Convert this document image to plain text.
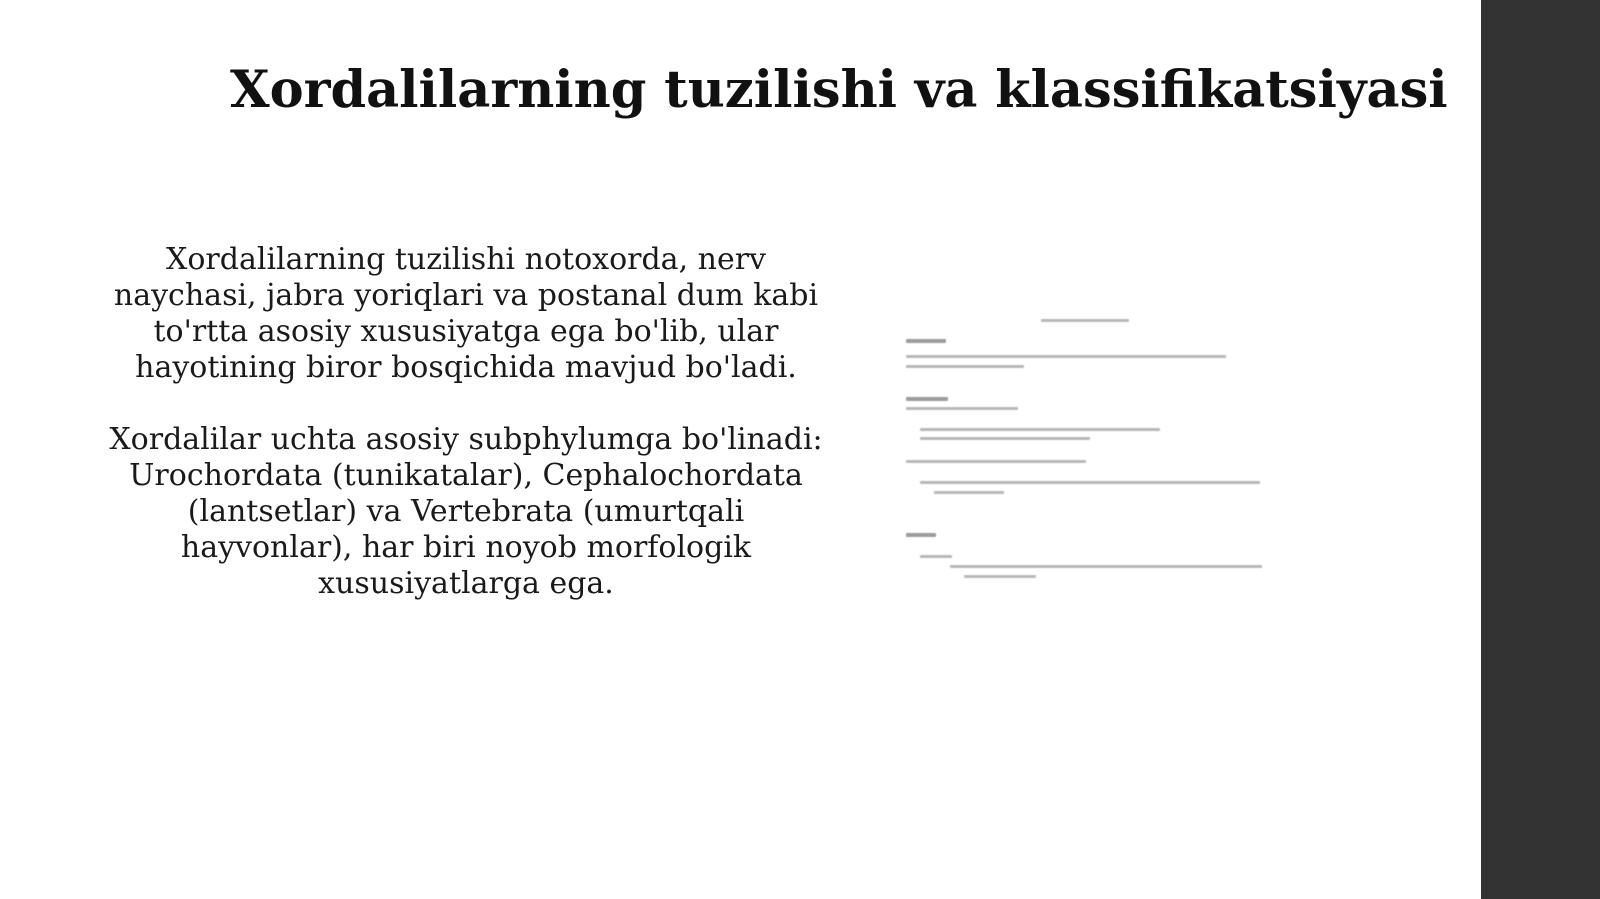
Xordalilarning tuzilishi va klassifikatsiyasi

Xordalilarning tuzilishi notoxorda, nerv naychasi, jabra yoriqlari va postanal dum kabi to'rtta asosiy xususiyatga ega bo'lib, ular hayotining biror bosqichida mavjud bo'ladi.

Xordalilar uchta asosiy subphylumga bo'linadi: Urochordata (tunikatalar), Cephalochordata (lantsetlar) va Vertebrata (umurtqali hayvonlar), har biri noyob morfologik xususiyatlarga ega.
